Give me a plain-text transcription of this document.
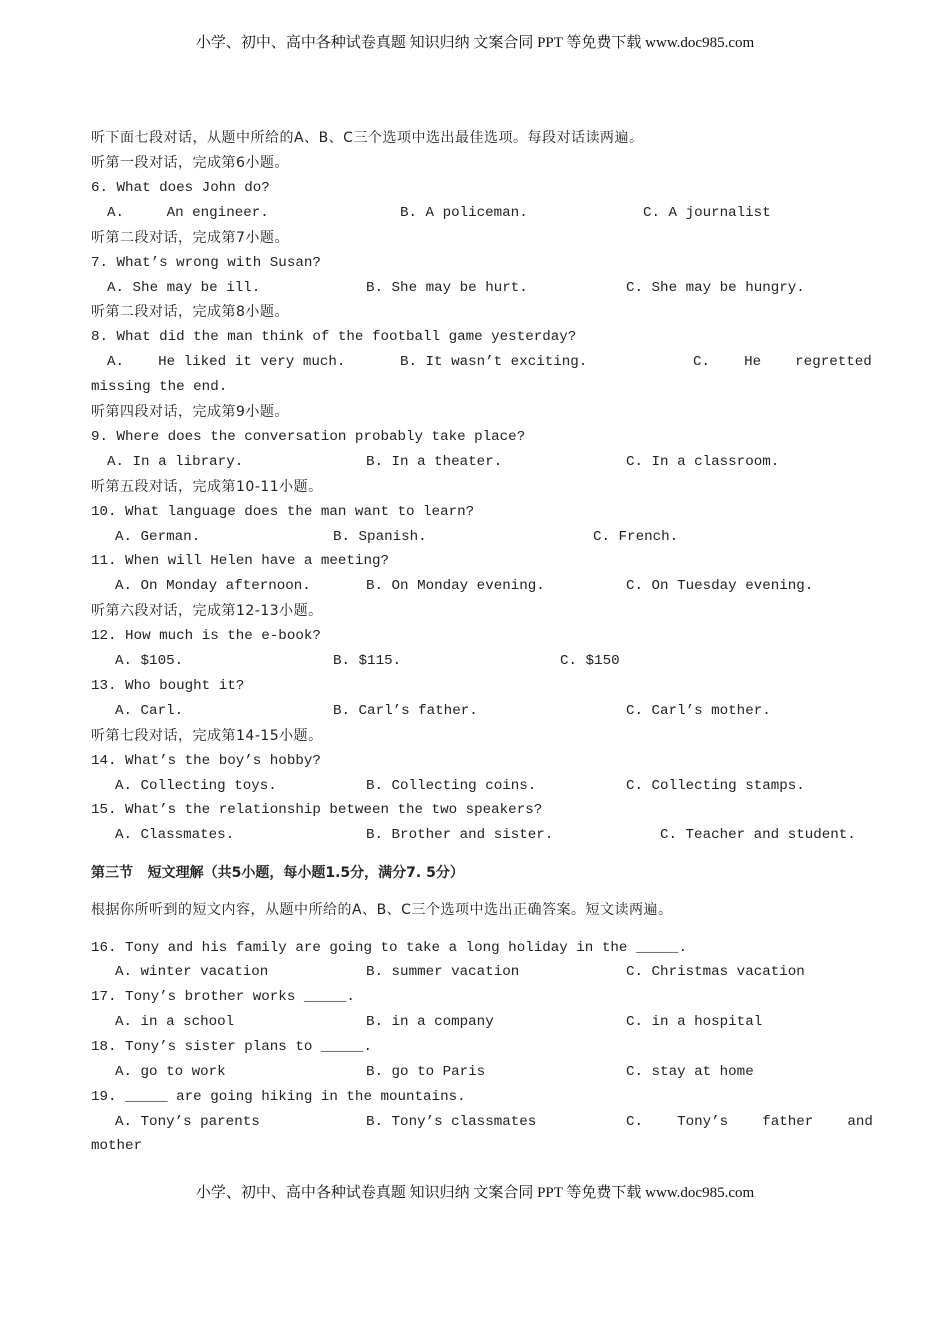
小学、初中、高中各种试卷真题 知识归纳 文案合同 PPT 等免费下载 www.doc985.com
听下面七段对话，从题中所给的A、B、C三个选项中选出最佳选项。每段对话读两遍。
听第一段对话，完成第6小题。
6. What does John do?
A.     An engineer.	B. A policeman.	C. A journalist
听第二段对话，完成第7小题。
7. What’s wrong with Susan?
A. She may be ill.	B. She may be hurt.	C. She may be hungry.
听第二段对话，完成第8小题。
8. What did the man think of the football game yesterday?
A.    He liked it very much.	B. It wasn’t exciting.	C.    He    regretted
missing the end.
听第四段对话，完成第9小题。
9. Where does the conversation probably take place?
A. In a library.	B. In a theater.	C. In a classroom.
听第五段对话，完成第10-11小题。
10. What language does the man want to learn?
A. German.	B. Spanish.	C. French.
11. When will Helen have a meeting?
A. On Monday afternoon.	B. On Monday evening.	C. On Tuesday evening.
听第六段对话，完成第12-13小题。
12. How much is the e-book?
A. $105.	B. $115.	C. $150
13. Who bought it?
A. Carl.	B. Carl’s father.	C. Carl’s mother.
听第七段对话，完成第14-15小题。
14. What’s the boy’s hobby?
A. Collecting toys.	B. Collecting coins.	C. Collecting stamps.
15. What’s the relationship between the two speakers?
A. Classmates.	B. Brother and sister.	C. Teacher and student.
第三节   短文理解（共5小题，每小题1.5分，满分7. 5分）
根据你所听到的短文内容，从题中所给的A、B、C三个选项中选出正确答案。短文读两遍。
16. Tony and his family are going to take a long holiday in the _____.
A. winter vacation	B. summer vacation	C. Christmas vacation
17. Tony’s brother works _____.
A. in a school	B. in a company	C. in a hospital
18. Tony’s sister plans to _____.
A. go to work	B. go to Paris	C. stay at home
19. _____ are going hiking in the mountains.
A. Tony’s parents	B. Tony’s classmates	C.    Tony’s    father    and
mother
小学、初中、高中各种试卷真题 知识归纳 文案合同 PPT 等免费下载 www.doc985.com
